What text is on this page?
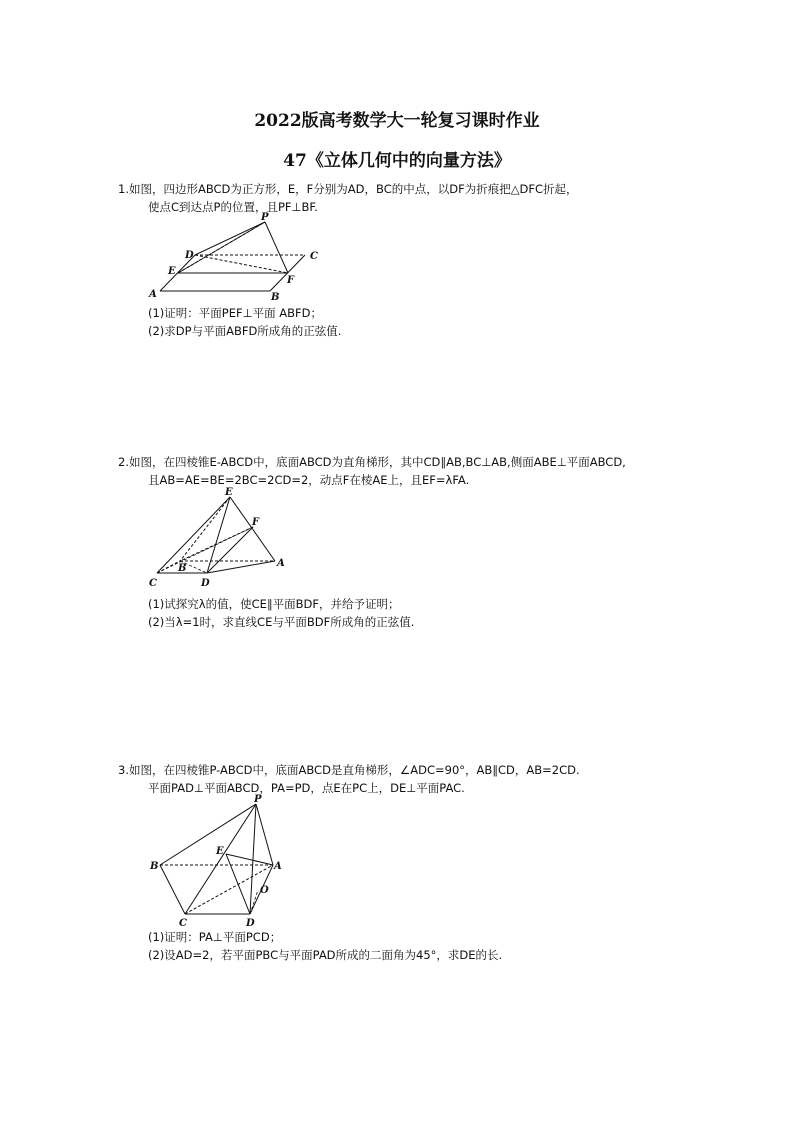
2022版高考数学大一轮复习课时作业
47《立体几何中的向量方法》
1.如图，四边形ABCD为正方形，E，F分别为AD，BC的中点，以DF为折痕把△DFC折起，
使点C到达点P的位置，且PF⊥BF.
P
D	C
E
F
A	B
(1)证明：平面PEF⊥平面 ABFD；
(2)求DP与平面ABFD所成角的正弦值.
2.如图，在四棱锥E-ABCD中，底面ABCD为直角梯形，其中CD∥AB,BC⊥AB,侧面ABE⊥平面ABCD,
且AB=AE=BE=2BC=2CD=2，动点F在棱AE上，且EF=λFA.
E
F
B	A
C	D
(1)试探究λ的值，使CE∥平面BDF，并给予证明；
(2)当λ=1时，求直线CE与平面BDF所成角的正弦值.
3.如图，在四棱锥P-ABCD中，底面ABCD是直角梯形，∠ADC=90°，AB∥CD，AB=2CD.
平面PAD⊥平面ABCD，PA=PD，点E在PC上，DE⊥平面PAC.
P
B
E
A
O
C	D
(1)证明：PA⊥平面PCD；
(2)设AD=2，若平面PBC与平面PAD所成的二面角为45°，求DE的长.
